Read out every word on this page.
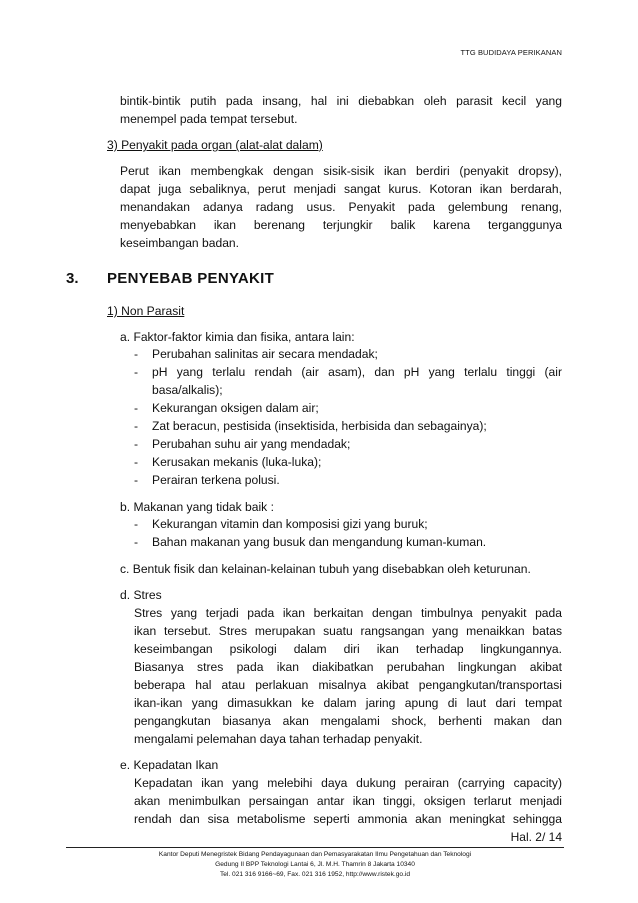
TTG BUDIDAYA PERIKANAN
bintik-bintik putih pada insang, hal ini diebabkan oleh parasit kecil yang
menempel pada tempat tersebut.
3) Penyakit pada organ (alat-alat dalam)
Perut ikan membengkak dengan sisik-sisik ikan berdiri (penyakit dropsy),
dapat juga sebaliknya, perut menjadi sangat kurus. Kotoran ikan berdarah,
menandakan adanya radang usus. Penyakit pada gelembung renang,
menyebabkan ikan berenang terjungkir balik karena terganggunya
keseimbangan badan.
3. PENYEBAB PENYAKIT
1) Non Parasit
a. Faktor-faktor kimia dan fisika, antara lain:
- Perubahan salinitas air secara mendadak;
- pH yang terlalu rendah (air asam), dan pH yang terlalu tinggi (air
basa/alkalis);
- Kekurangan oksigen dalam air;
- Zat beracun, pestisida (insektisida, herbisida dan sebagainya);
- Perubahan suhu air yang mendadak;
- Kerusakan mekanis (luka-luka);
- Perairan terkena polusi.
b. Makanan yang tidak baik :
- Kekurangan vitamin dan komposisi gizi yang buruk;
- Bahan makanan yang busuk dan mengandung kuman-kuman.
c. Bentuk fisik dan kelainan-kelainan tubuh yang disebabkan oleh keturunan.
d. Stres
Stres yang terjadi pada ikan berkaitan dengan timbulnya penyakit pada
ikan tersebut. Stres merupakan suatu rangsangan yang menaikkan batas
keseimbangan psikologi dalam diri ikan terhadap lingkungannya.
Biasanya stres pada ikan diakibatkan perubahan lingkungan akibat
beberapa hal atau perlakuan misalnya akibat pengangkutan/transportasi
ikan-ikan yang dimasukkan ke dalam jaring apung di laut dari tempat
pengangkutan biasanya akan mengalami shock, berhenti makan dan
mengalami pelemahan daya tahan terhadap penyakit.
e. Kepadatan Ikan
Kepadatan ikan yang melebihi daya dukung perairan (carrying capacity)
akan menimbulkan persaingan antar ikan tinggi, oksigen terlarut menjadi
rendah dan sisa metabolisme seperti ammonia akan meningkat sehingga
Hal. 2/ 14
Kantor Deputi Menegristek Bidang Pendayagunaan dan Pemasyarakatan Ilmu Pengetahuan dan Teknologi
Gedung II BPP Teknologi Lantai 6, Jl. M.H. Thamrin 8 Jakarta 10340
Tel. 021 316 9166~69, Fax. 021 316 1952, http://www.ristek.go.id
